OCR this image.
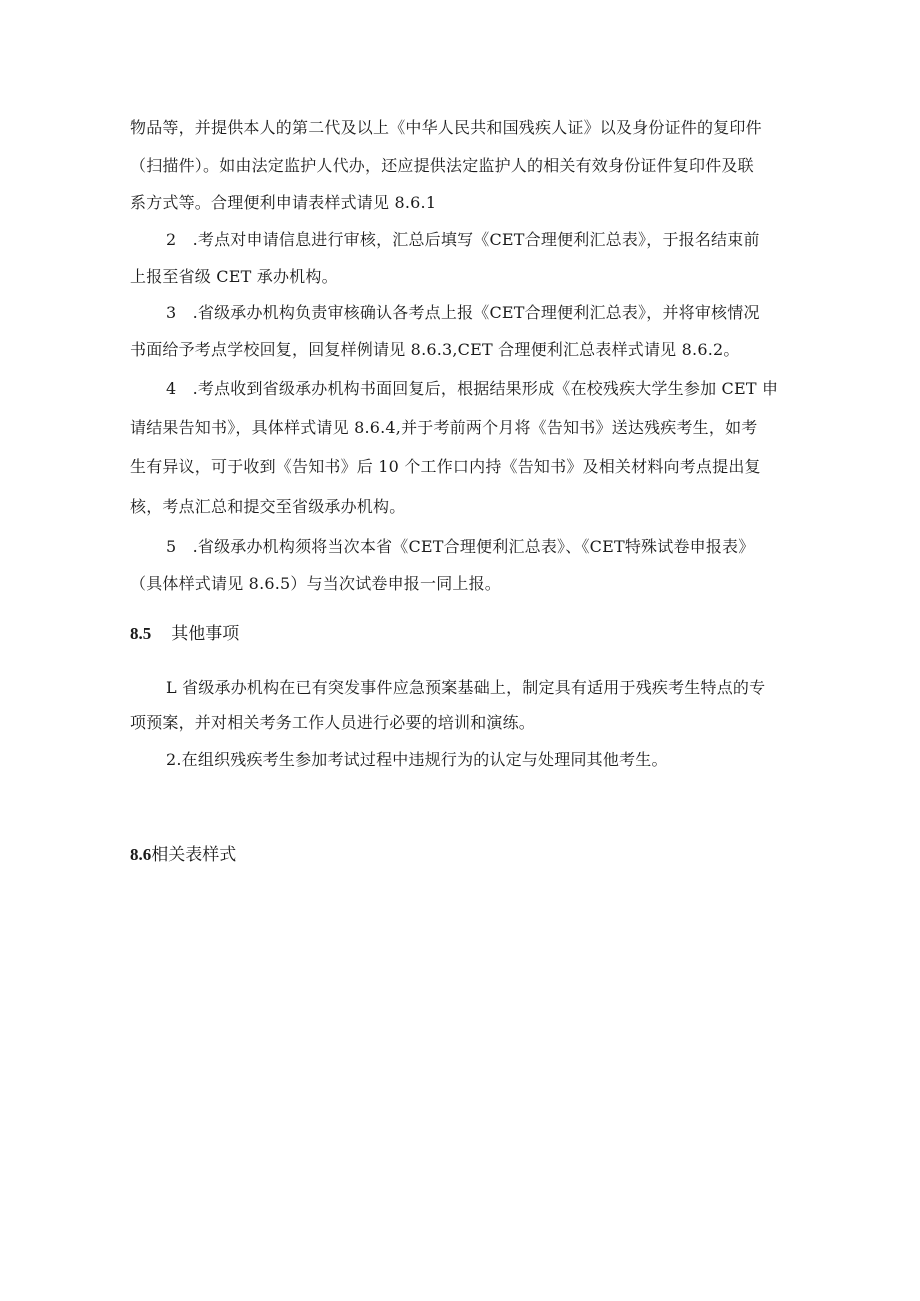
物品等，并提供本人的第二代及以上《中华人民共和国残疾人证》以及身份证件的复印件
（扫描件）。如由法定监护人代办，还应提供法定监护人的相关有效身份证件复印件及联
系方式等。合理便利申请表样式请见 8.6.1
2　.考点对申请信息进行审核，汇总后填写《CET合理便利汇总表》，于报名结束前
上报至省级 CET 承办机构。
3　.省级承办机构负责审核确认各考点上报《CET合理便利汇总表》，并将审核情况
书面给予考点学校回复，回复样例请见 8.6.3,CET 合理便利汇总表样式请见 8.6.2。
4　.考点收到省级承办机构书面回复后，根据结果形成《在校残疾大学生参加 CET 申
请结果告知书》，具体样式请见 8.6.4,并于考前两个月将《告知书》送达残疾考生，如考
生有异议，可于收到《告知书》后 10 个工作口内持《告知书》及相关材料向考点提出复
核，考点汇总和提交至省级承办机构。
5　.省级承办机构须将当次本省《CET合理便利汇总表》、《CET特殊试卷申报表》
（具体样式请见 8.6.5）与当次试卷申报一同上报。
8.5 其他事项
L 省级承办机构在已有突发事件应急预案基础上，制定具有适用于残疾考生特点的专
项预案，并对相关考务工作人员进行必要的培训和演练。
2.在组织残疾考生参加考试过程中违规行为的认定与处理同其他考生。
8.6相关表样式
